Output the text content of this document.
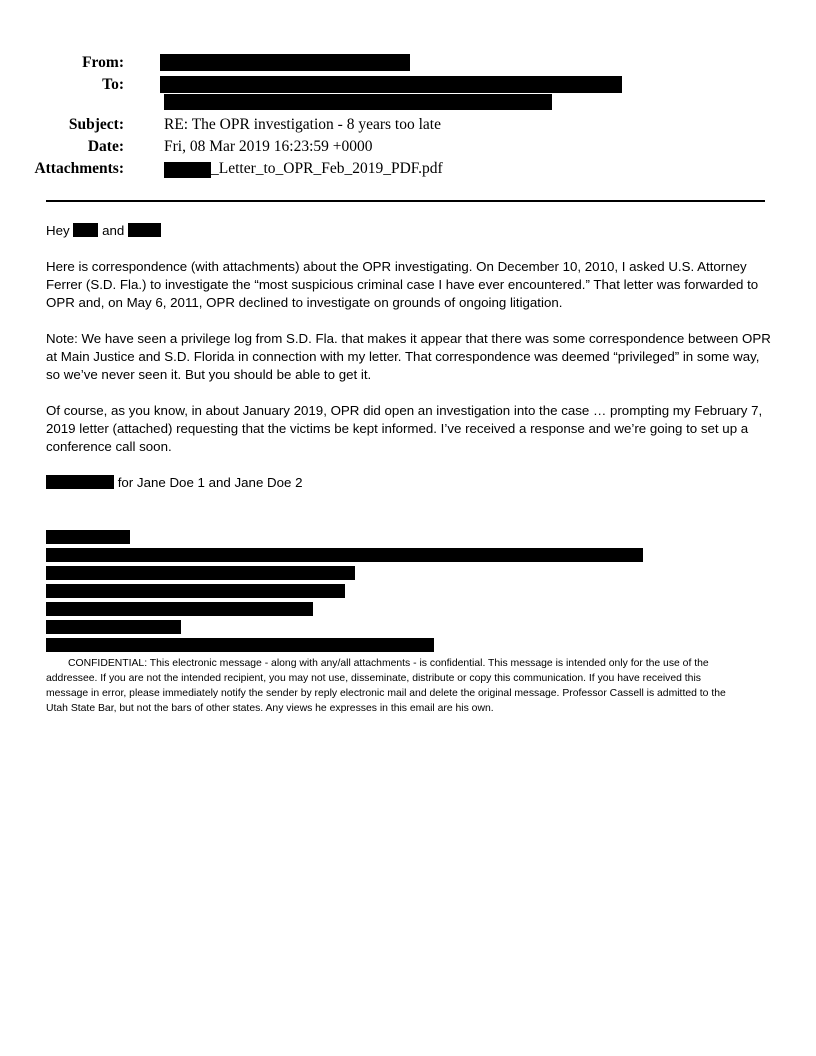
From:
To:
Subject:	RE: The OPR investigation - 8 years too late
Date:	Fri, 08 Mar 2019 16:23:59 +0000
Attachments:	_Letter_to_OPR_Feb_2019_PDF.pdf
Hey and
Here is correspondence (with attachments) about the OPR investigating. On December 10, 2010, I asked U.S. Attorney
Ferrer (S.D. Fla.) to investigate the “most suspicious criminal case I have ever encountered.” That letter was forwarded to
OPR and, on May 6, 2011, OPR declined to investigate on grounds of ongoing litigation.
Note: We have seen a privilege log from S.D. Fla. that makes it appear that there was some correspondence between OPR
at Main Justice and S.D. Florida in connection with my letter. That correspondence was deemed “privileged” in some way,
so we’ve never seen it. But you should be able to get it.
Of course, as you know, in about January 2019, OPR did open an investigation into the case … prompting my February 7,
2019 letter (attached) requesting that the victims be kept informed. I’ve received a response and we’re going to set up a
conference call soon.
for Jane Doe 1 and Jane Doe 2
CONFIDENTIAL: This electronic message - along with any/all attachments - is confidential. This message is intended only for the use of the
addressee. If you are not the intended recipient, you may not use, disseminate, distribute or copy this communication. If you have received this
message in error, please immediately notify the sender by reply electronic mail and delete the original message. Professor Cassell is admitted to the
Utah State Bar, but not the bars of other states. Any views he expresses in this email are his own.
